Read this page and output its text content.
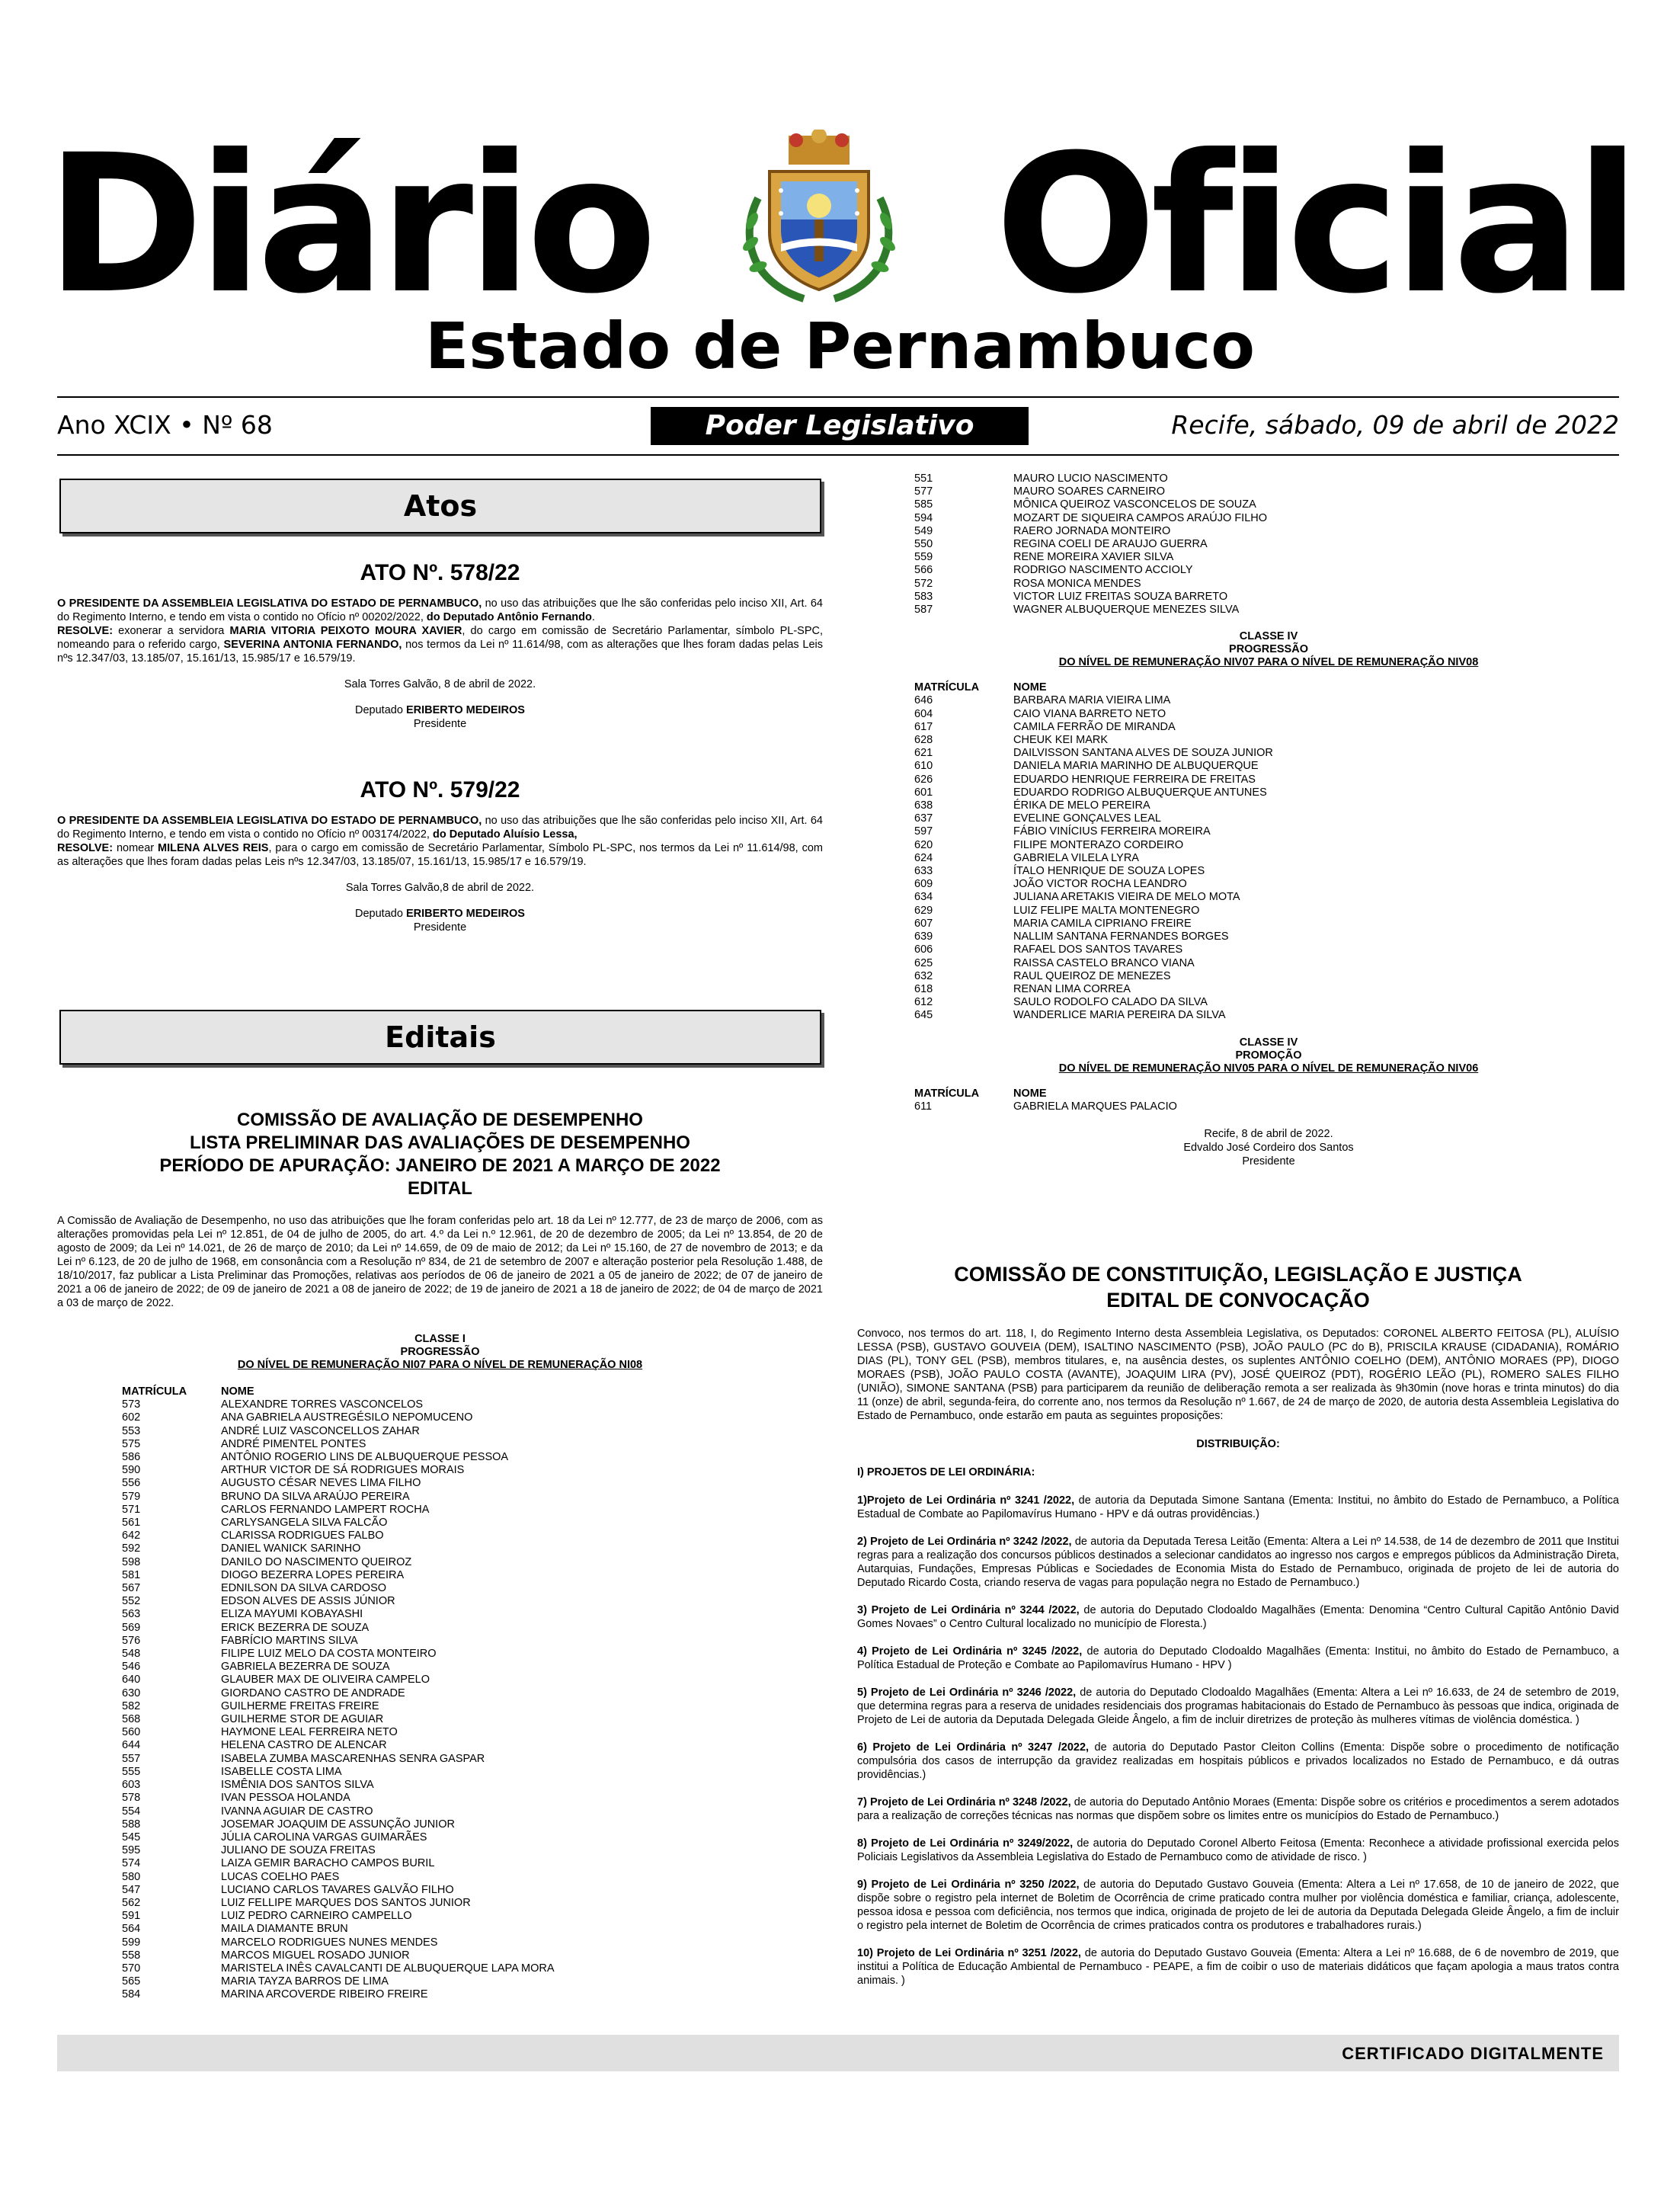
Diário Oficial
Estado de Pernambuco
Ano XCIX • Nº 68	Poder Legislativo	Recife, sábado, 09 de abril de 2022
Atos
ATO Nº. 578/22
O PRESIDENTE DA ASSEMBLEIA LEGISLATIVA DO ESTADO DE PERNAMBUCO, no uso das atribuições que lhe são conferidas pelo inciso XII, Art. 64 do Regimento Interno, e tendo em vista o contido no Ofício nº 00202/2022, do Deputado Antônio Fernando.
RESOLVE: exonerar a servidora MARIA VITORIA PEIXOTO MOURA XAVIER, do cargo em comissão de Secretário Parlamentar, símbolo PL-SPC, nomeando para o referido cargo, SEVERINA ANTONIA FERNANDO, nos termos da Lei nº 11.614/98, com as alterações que lhes foram dadas pelas Leis nºs 12.347/03, 13.185/07, 15.161/13, 15.985/17 e 16.579/19.
Sala Torres Galvão, 8 de abril de 2022.
Deputado ERIBERTO MEDEIROS
Presidente
ATO Nº. 579/22
O PRESIDENTE DA ASSEMBLEIA LEGISLATIVA DO ESTADO DE PERNAMBUCO, no uso das atribuições que lhe são conferidas pelo inciso XII, Art. 64 do Regimento Interno, e tendo em vista o contido no Ofício nº 003174/2022, do Deputado Aluísio Lessa,
RESOLVE: nomear MILENA ALVES REIS, para o cargo em comissão de Secretário Parlamentar, Símbolo PL-SPC, nos termos da Lei nº 11.614/98, com as alterações que lhes foram dadas pelas Leis nºs 12.347/03, 13.185/07, 15.161/13, 15.985/17 e 16.579/19.
Sala Torres Galvão,8 de abril de 2022.
Deputado ERIBERTO MEDEIROS
Presidente
Editais
COMISSÃO DE AVALIAÇÃO DE DESEMPENHO
LISTA PRELIMINAR DAS AVALIAÇÕES DE DESEMPENHO
PERÍODO DE APURAÇÃO: JANEIRO DE 2021 A MARÇO DE 2022
EDITAL
A Comissão de Avaliação de Desempenho, no uso das atribuições que lhe foram conferidas pelo art. 18 da Lei nº 12.777, de 23 de março de 2006, com as alterações promovidas pela Lei nº 12.851, de 04 de julho de 2005, do art. 4.º da Lei n.º 12.961, de 20 de dezembro de 2005; da Lei nº 13.854, de 20 de agosto de 2009; da Lei nº 14.021, de 26 de março de 2010; da Lei nº 14.659, de 09 de maio de 2012; da Lei nº 15.160, de 27 de novembro de 2013; e da Lei nº 6.123, de 20 de julho de 1968, em consonância com a Resolução nº 834, de 21 de setembro de 2007 e alteração posterior pela Resolução 1.488, de 18/10/2017, faz publicar a Lista Preliminar das Promoções, relativas aos períodos de 06 de janeiro de 2021 a 05 de janeiro de 2022; de 07 de janeiro de 2021 a 06 de janeiro de 2022; de 09 de janeiro de 2021 a 08 de janeiro de 2022; de 19 de janeiro de 2021 a 18 de janeiro de 2022; de 04 de março de 2021 a 03 de março de 2022.
CLASSE I
PROGRESSÃO
DO NÍVEL DE REMUNERAÇÃO NI07 PARA O NÍVEL DE REMUNERAÇÃO NI08
MATRÍCULA	NOME
573	ALEXANDRE TORRES VASCONCELOS
602	ANA GABRIELA AUSTREGÉSILO NEPOMUCENO
553	ANDRÉ LUIZ VASCONCELLOS ZAHAR
575	ANDRÉ PIMENTEL PONTES
586	ANTÔNIO ROGERIO LINS DE ALBUQUERQUE PESSOA
590	ARTHUR VICTOR DE SÁ RODRIGUES MORAIS
556	AUGUSTO CÉSAR NEVES LIMA FILHO
579	BRUNO DA SILVA ARAÚJO PEREIRA
571	CARLOS FERNANDO LAMPERT ROCHA
561	CARLYSANGELA SILVA FALCÃO
642	CLARISSA RODRIGUES FALBO
592	DANIEL WANICK SARINHO
598	DANILO DO NASCIMENTO QUEIROZ
581	DIOGO BEZERRA LOPES PEREIRA
567	EDNILSON DA SILVA CARDOSO
552	EDSON ALVES DE ASSIS JÚNIOR
563	ELIZA MAYUMI KOBAYASHI
569	ERICK BEZERRA DE SOUZA
576	FABRÍCIO MARTINS SILVA
548	FILIPE LUIZ MELO DA COSTA MONTEIRO
546	GABRIELA BEZERRA DE SOUZA
640	GLAUBER MAX DE OLIVEIRA CAMPELO
630	GIORDANO CASTRO DE ANDRADE
582	GUILHERME FREITAS FREIRE
568	GUILHERME STOR DE AGUIAR
560	HAYMONE LEAL FERREIRA NETO
644	HELENA CASTRO DE ALENCAR
557	ISABELA ZUMBA MASCARENHAS SENRA GASPAR
555	ISABELLE COSTA LIMA
603	ISMÊNIA DOS SANTOS SILVA
578	IVAN PESSOA HOLANDA
554	IVANNA AGUIAR DE CASTRO
588	JOSEMAR JOAQUIM DE ASSUNÇÃO JUNIOR
545	JÚLIA CAROLINA VARGAS GUIMARÃES
595	JULIANO DE SOUZA FREITAS
574	LAIZA GEMIR BARACHO CAMPOS BURIL
580	LUCAS COELHO PAES
547	LUCIANO CARLOS TAVARES GALVÃO FILHO
562	LUIZ FELLIPE MARQUES DOS SANTOS JUNIOR
591	LUIZ PEDRO CARNEIRO CAMPELLO
564	MAILA DIAMANTE BRUN
599	MARCELO RODRIGUES NUNES MENDES
558	MARCOS MIGUEL ROSADO JUNIOR
570	MARISTELA INÊS CAVALCANTI DE ALBUQUERQUE LAPA MORA
565	MARIA TAYZA BARROS DE LIMA
584	MARINA ARCOVERDE RIBEIRO FREIRE
551	MAURO LUCIO NASCIMENTO
577	MAURO SOARES CARNEIRO
585	MÔNICA QUEIROZ VASCONCELOS DE SOUZA
594	MOZART DE SIQUEIRA CAMPOS ARAÚJO FILHO
549	RAERO JORNADA MONTEIRO
550	REGINA COELI DE ARAUJO GUERRA
559	RENE MOREIRA XAVIER SILVA
566	RODRIGO NASCIMENTO ACCIOLY
572	ROSA MONICA MENDES
583	VICTOR LUIZ FREITAS SOUZA BARRETO
587	WAGNER ALBUQUERQUE MENEZES SILVA
CLASSE IV
PROGRESSÃO
DO NÍVEL DE REMUNERAÇÃO NIV07 PARA O NÍVEL DE REMUNERAÇÃO NIV08
MATRÍCULA	NOME
646	BARBARA MARIA VIEIRA LIMA
604	CAIO VIANA BARRETO NETO
617	CAMILA FERRÃO DE MIRANDA
628	CHEUK KEI MARK
621	DAILVISSON SANTANA ALVES DE SOUZA JUNIOR
610	DANIELA MARIA MARINHO DE ALBUQUERQUE
626	EDUARDO HENRIQUE FERREIRA DE FREITAS
601	EDUARDO RODRIGO ALBUQUERQUE ANTUNES
638	ÉRIKA DE MELO PEREIRA
637	EVELINE GONÇALVES LEAL
597	FÁBIO VINÍCIUS FERREIRA MOREIRA
620	FILIPE MONTERAZO CORDEIRO
624	GABRIELA VILELA LYRA
633	ÍTALO HENRIQUE DE SOUZA LOPES
609	JOÃO VICTOR ROCHA LEANDRO
634	JULIANA ARETAKIS VIEIRA DE MELO MOTA
629	LUIZ FELIPE MALTA MONTENEGRO
607	MARIA CAMILA CIPRIANO FREIRE
639	NALLIM SANTANA FERNANDES BORGES
606	RAFAEL DOS SANTOS TAVARES
625	RAISSA CASTELO BRANCO VIANA
632	RAUL QUEIROZ DE MENEZES
618	RENAN LIMA CORREA
612	SAULO RODOLFO CALADO DA SILVA
645	WANDERLICE MARIA PEREIRA DA SILVA
CLASSE IV
PROMOÇÃO
DO NÍVEL DE REMUNERAÇÃO NIV05 PARA O NÍVEL DE REMUNERAÇÃO NIV06
MATRÍCULA	NOME
611	GABRIELA MARQUES PALACIO
Recife, 8 de abril de 2022.
Edvaldo José Cordeiro dos Santos
Presidente
COMISSÃO DE CONSTITUIÇÃO, LEGISLAÇÃO E JUSTIÇA
EDITAL DE CONVOCAÇÃO
Convoco, nos termos do art. 118, I, do Regimento Interno desta Assembleia Legislativa, os Deputados: CORONEL ALBERTO FEITOSA (PL), ALUÍSIO LESSA (PSB), GUSTAVO GOUVEIA (DEM), ISALTINO NASCIMENTO (PSB), JOÃO PAULO (PC do B), PRISCILA KRAUSE (CIDADANIA), ROMÁRIO DIAS (PL), TONY GEL (PSB), membros titulares, e, na ausência destes, os suplentes ANTÔNIO COELHO (DEM), ANTÔNIO MORAES (PP), DIOGO MORAES (PSB), JOÃO PAULO COSTA (AVANTE), JOAQUIM LIRA (PV), JOSÉ QUEIROZ (PDT), ROGÉRIO LEÃO (PL), ROMERO SALES FILHO (UNIÃO), SIMONE SANTANA (PSB) para participarem da reunião de deliberação remota a ser realizada às 9h30min (nove horas e trinta minutos) do dia 11 (onze) de abril, segunda-feira, do corrente ano, nos termos da Resolução nº 1.667, de 24 de março de 2020, de autoria desta Assembleia Legislativa do Estado de Pernambuco, onde estarão em pauta as seguintes proposições:
DISTRIBUIÇÃO:
I) PROJETOS DE LEI ORDINÁRIA:
1)Projeto de Lei Ordinária nº 3241 /2022, de autoria da Deputada Simone Santana (Ementa: Institui, no âmbito do Estado de Pernambuco, a Política Estadual de Combate ao Papilomavírus Humano - HPV e dá outras providências.)
2) Projeto de Lei Ordinária nº 3242 /2022, de autoria da Deputada Teresa Leitão (Ementa: Altera a Lei nº 14.538, de 14 de dezembro de 2011 que Institui regras para a realização dos concursos públicos destinados a selecionar candidatos ao ingresso nos cargos e empregos públicos da Administração Direta, Autarquias, Fundações, Empresas Públicas e Sociedades de Economia Mista do Estado de Pernambuco, originada de projeto de lei de autoria do Deputado Ricardo Costa, criando reserva de vagas para população negra no Estado de Pernambuco.)
3) Projeto de Lei Ordinária nº 3244 /2022, de autoria do Deputado Clodoaldo Magalhães (Ementa: Denomina “Centro Cultural Capitão Antônio David Gomes Novaes” o Centro Cultural localizado no município de Floresta.)
4) Projeto de Lei Ordinária nº 3245 /2022, de autoria do Deputado Clodoaldo Magalhães (Ementa: Institui, no âmbito do Estado de Pernambuco, a Política Estadual de Proteção e Combate ao Papilomavírus Humano - HPV )
5) Projeto de Lei Ordinária nº 3246 /2022, de autoria do Deputado Clodoaldo Magalhães (Ementa: Altera a Lei nº 16.633, de 24 de setembro de 2019, que determina regras para a reserva de unidades residenciais dos programas habitacionais do Estado de Pernambuco às pessoas que indica, originada de Projeto de Lei de autoria da Deputada Delegada Gleide Ângelo, a fim de incluir diretrizes de proteção às mulheres vítimas de violência doméstica. )
6) Projeto de Lei Ordinária nº 3247 /2022, de autoria do Deputado Pastor Cleiton Collins (Ementa: Dispõe sobre o procedimento de notificação compulsória dos casos de interrupção da gravidez realizadas em hospitais públicos e privados localizados no Estado de Pernambuco, e dá outras providências.)
7) Projeto de Lei Ordinária nº 3248 /2022, de autoria do Deputado Antônio Moraes (Ementa: Dispõe sobre os critérios e procedimentos a serem adotados para a realização de correções técnicas nas normas que dispõem sobre os limites entre os municípios do Estado de Pernambuco.)
8) Projeto de Lei Ordinária nº 3249/2022, de autoria do Deputado Coronel Alberto Feitosa (Ementa: Reconhece a atividade profissional exercida pelos Policiais Legislativos da Assembleia Legislativa do Estado de Pernambuco como de atividade de risco. )
9) Projeto de Lei Ordinária nº 3250 /2022, de autoria do Deputado Gustavo Gouveia (Ementa: Altera a Lei nº 17.658, de 10 de janeiro de 2022, que dispõe sobre o registro pela internet de Boletim de Ocorrência de crime praticado contra mulher por violência doméstica e familiar, criança, adolescente, pessoa idosa e pessoa com deficiência, nos termos que indica, originada de projeto de lei de autoria da Deputada Delegada Gleide Ângelo, a fim de incluir o registro pela internet de Boletim de Ocorrência de crimes praticados contra os produtores e trabalhadores rurais.)
10) Projeto de Lei Ordinária nº 3251 /2022, de autoria do Deputado Gustavo Gouveia (Ementa: Altera a Lei nº 16.688, de 6 de novembro de 2019, que institui a Política de Educação Ambiental de Pernambuco - PEAPE, a fim de coibir o uso de materiais didáticos que façam apologia a maus tratos contra animais. )
CERTIFICADO DIGITALMENTE
